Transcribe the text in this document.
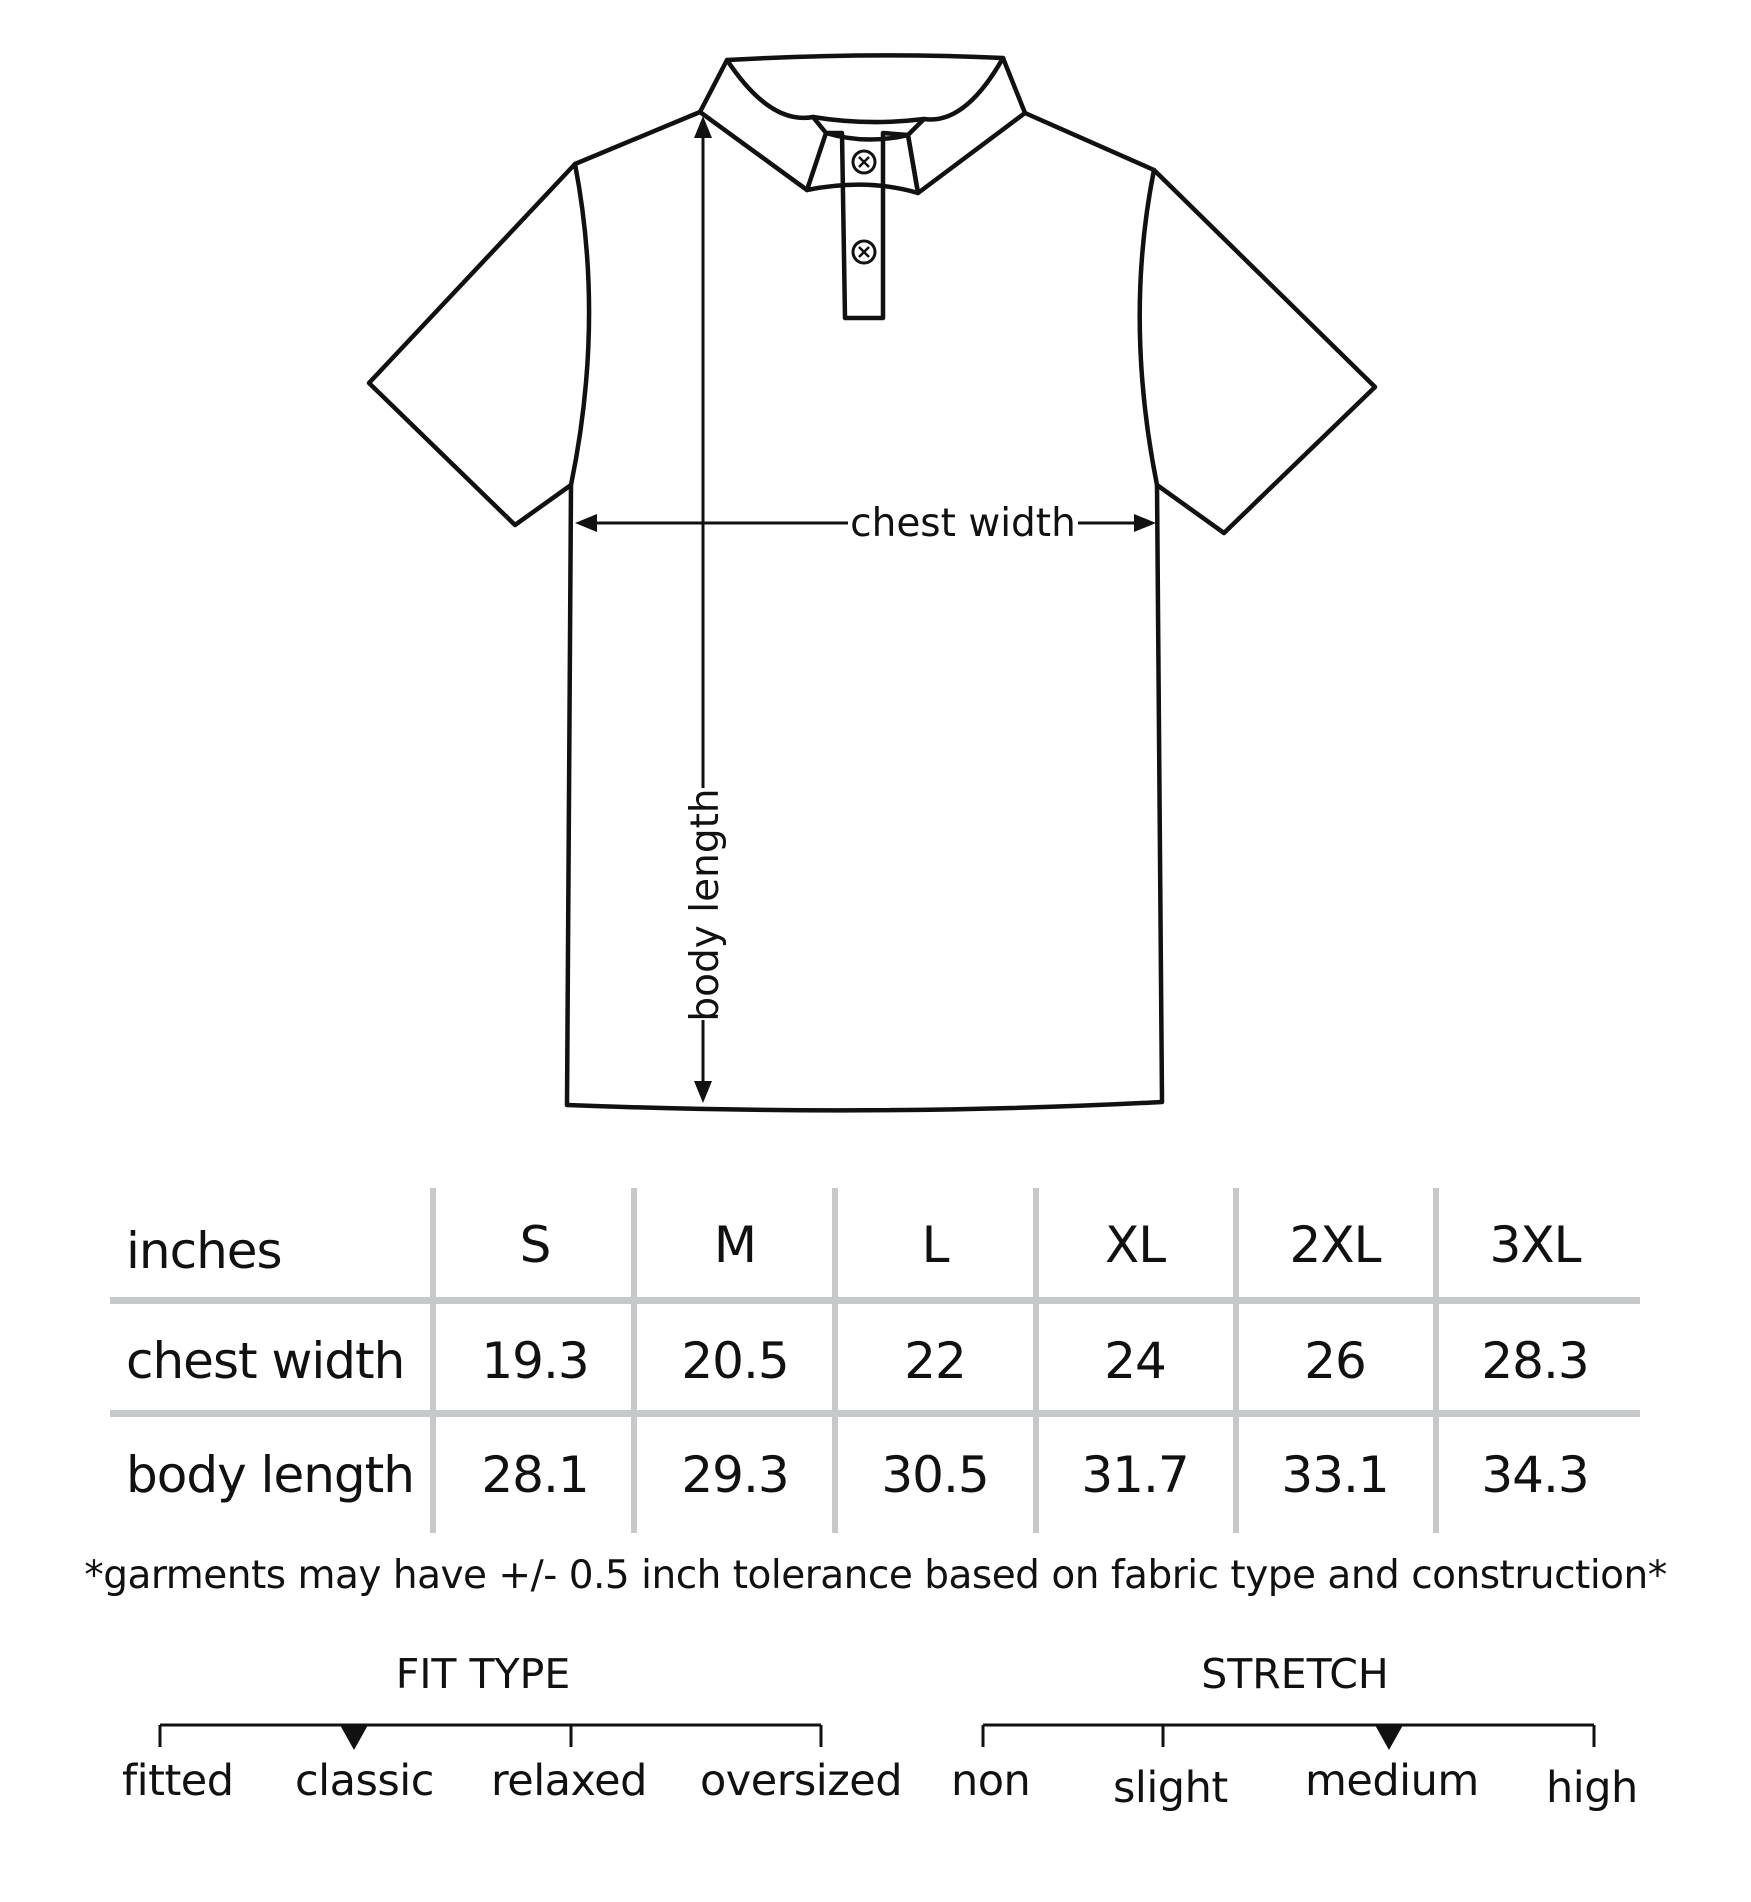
chest width
body length
inches	S	M	L	XL	2XL	3XL
chest width	19.3	20.5	22	24	26	28.3
body length	28.1	29.3	30.5	31.7	33.1	34.3
*garments may have +/- 0.5 inch tolerance based on fabric type and construction*
FIT TYPE
fitted classic relaxed oversized
STRETCH
non slight medium high
